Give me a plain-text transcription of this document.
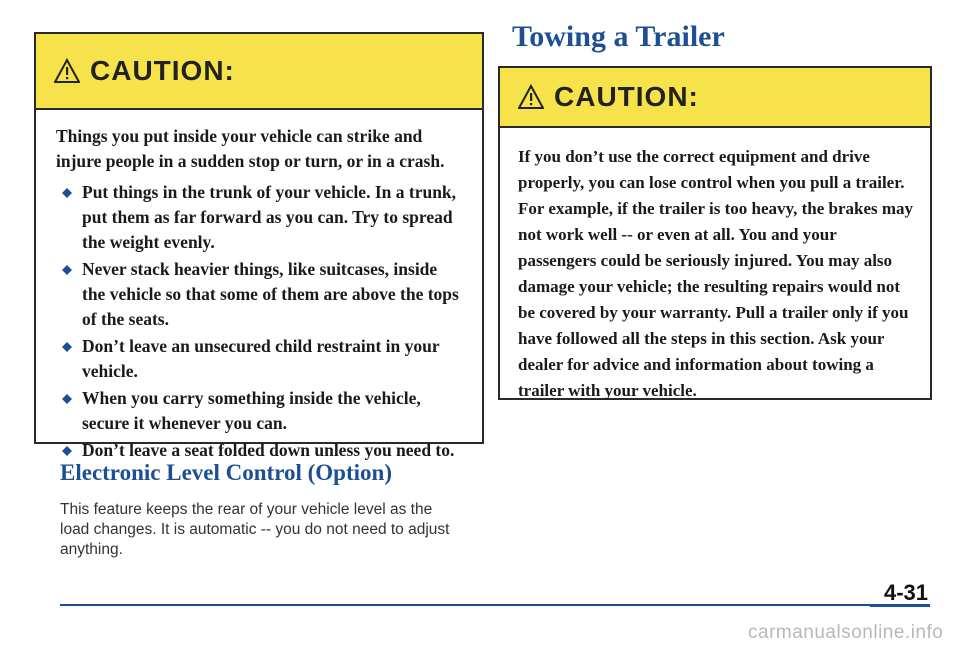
CAUTION:

Things you put inside your vehicle can strike and injure people in a sudden stop or turn, or in a crash.

Put things in the trunk of your vehicle. In a trunk, put them as far forward as you can. Try to spread the weight evenly.
Never stack heavier things, like suitcases, inside the vehicle so that some of them are above the tops of the seats.
Don’t leave an unsecured child restraint in your vehicle.
When you carry something inside the vehicle, secure it whenever you can.
Don’t leave a seat folded down unless you need to.
Electronic Level Control (Option)
This feature keeps the rear of your vehicle level as the load changes. It is automatic -- you do not need to adjust anything.
Towing a Trailer
CAUTION:

If you don’t use the correct equipment and drive properly, you can lose control when you pull a trailer. For example, if the trailer is too heavy, the brakes may not work well -- or even at all. You and your passengers could be seriously injured. You may also damage your vehicle; the resulting repairs would not be covered by your warranty. Pull a trailer only if you have followed all the steps in this section. Ask your dealer for advice and information about towing a trailer with your vehicle.

4-31
carmanualsonline.info
